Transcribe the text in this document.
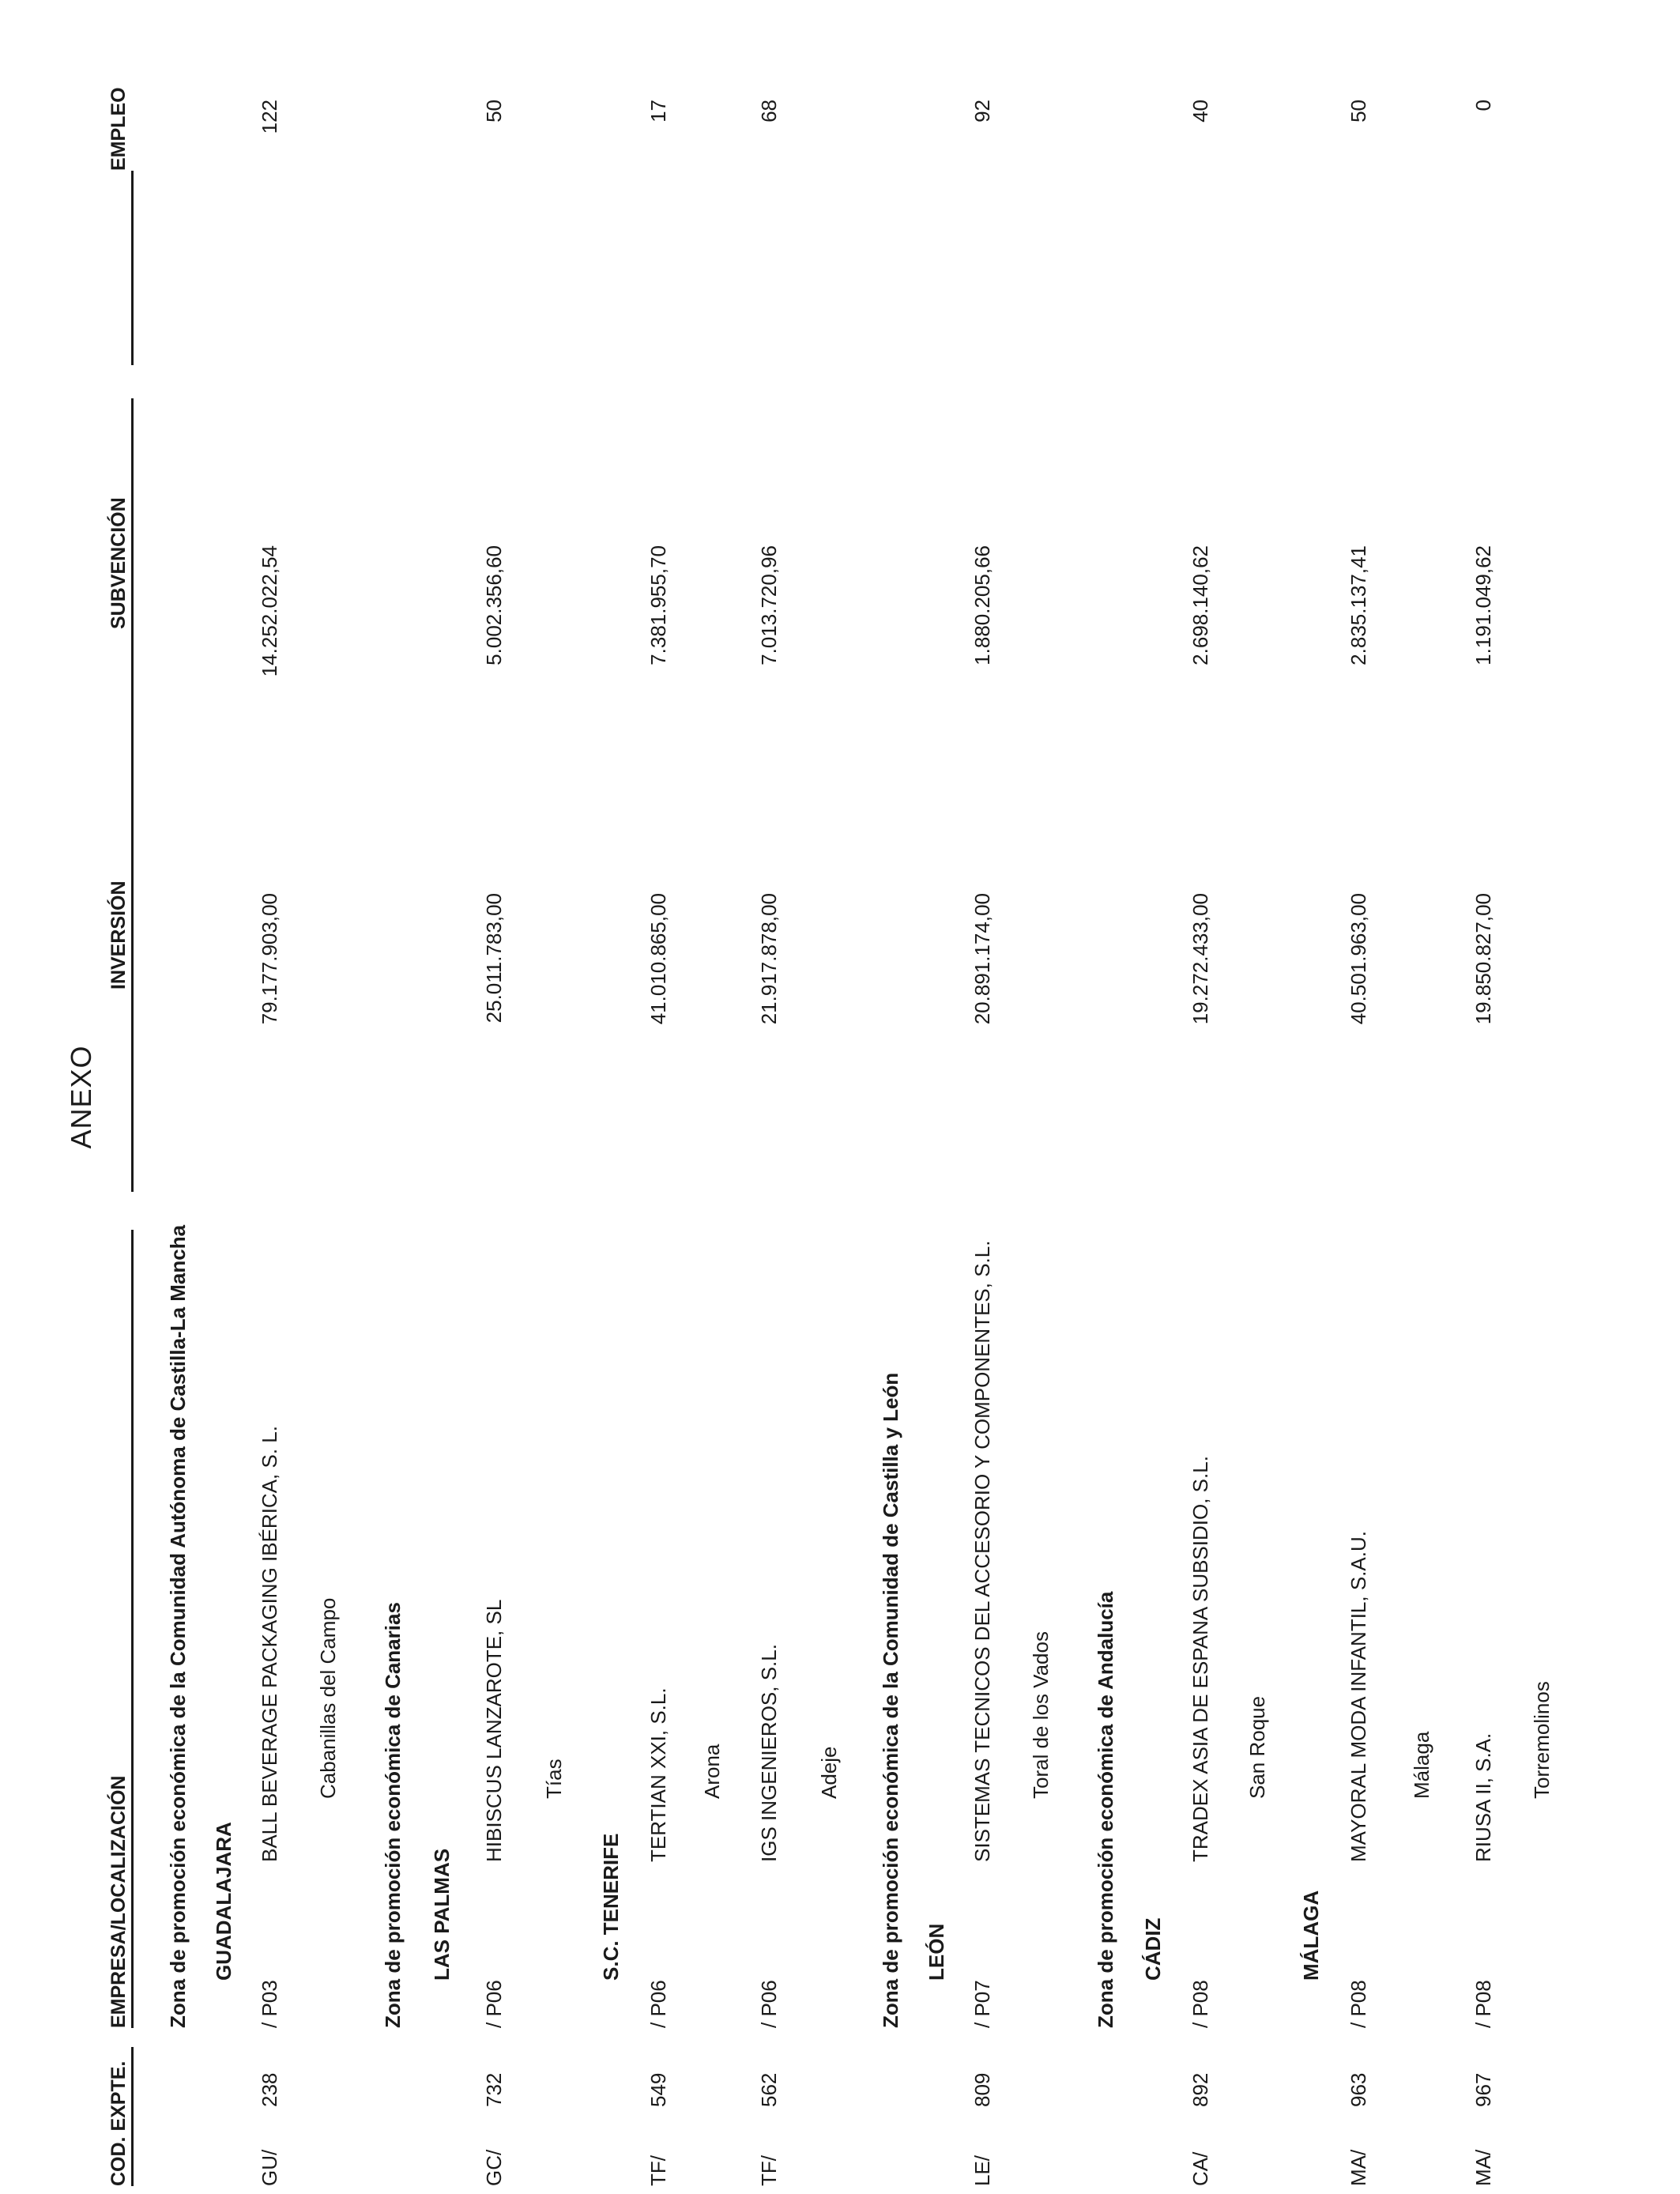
ANEXO
COD. EXPTE.
EMPRESA/LOCALIZACIÓN
INVERSIÓN
SUBVENCIÓN
EMPLEO
Zona de promoción económica de la Comunidad Autónoma de Castilla-La Mancha GUADALAJARA
GU/
238
/ P03
BALL BEVERAGE PACKAGING IBÉRICA, S. L.
79.177.903,00
14.252.022,54
122
Cabanillas del Campo Zona de promoción económica de Canarias LAS PALMAS
GC/
732
/ P06
HIBISCUS LANZAROTE, SL
25.011.783,00
5.002.356,60
50
Tías
S.C. TENERIFE
TF/
549
/ P06
TERTIAN XXI, S.L.
41.010.865,00
7.381.955,70
17
Arona
TF/
562
/ P06
IGS INGENIEROS, S.L.
21.917.878,00
7.013.720,96
68
Adeje Zona de promoción económica de la Comunidad de Castilla y León LEÓN
LE/
809
/ P07
SISTEMAS TECNICOS DEL ACCESORIO Y COMPONENTES, S.L.
20.891.174,00
1.880.205,66
92
Toral de los Vados Zona de promoción económica de Andalucía CÁDIZ
CA/
892
/ P08
TRADEX ASIA DE ESPANA SUBSIDIO, S.L.
19.272.433,00
2.698.140,62
40
San Roque
MÁLAGA
MA/
963
/ P08
MAYORAL MODA INFANTIL, S.A.U.
40.501.963,00
2.835.137,41
50
Málaga
MA/
967
/ P08
RIUSA II, S.A.
19.850.827,00
1.191.049,62
0
Torremolinos
